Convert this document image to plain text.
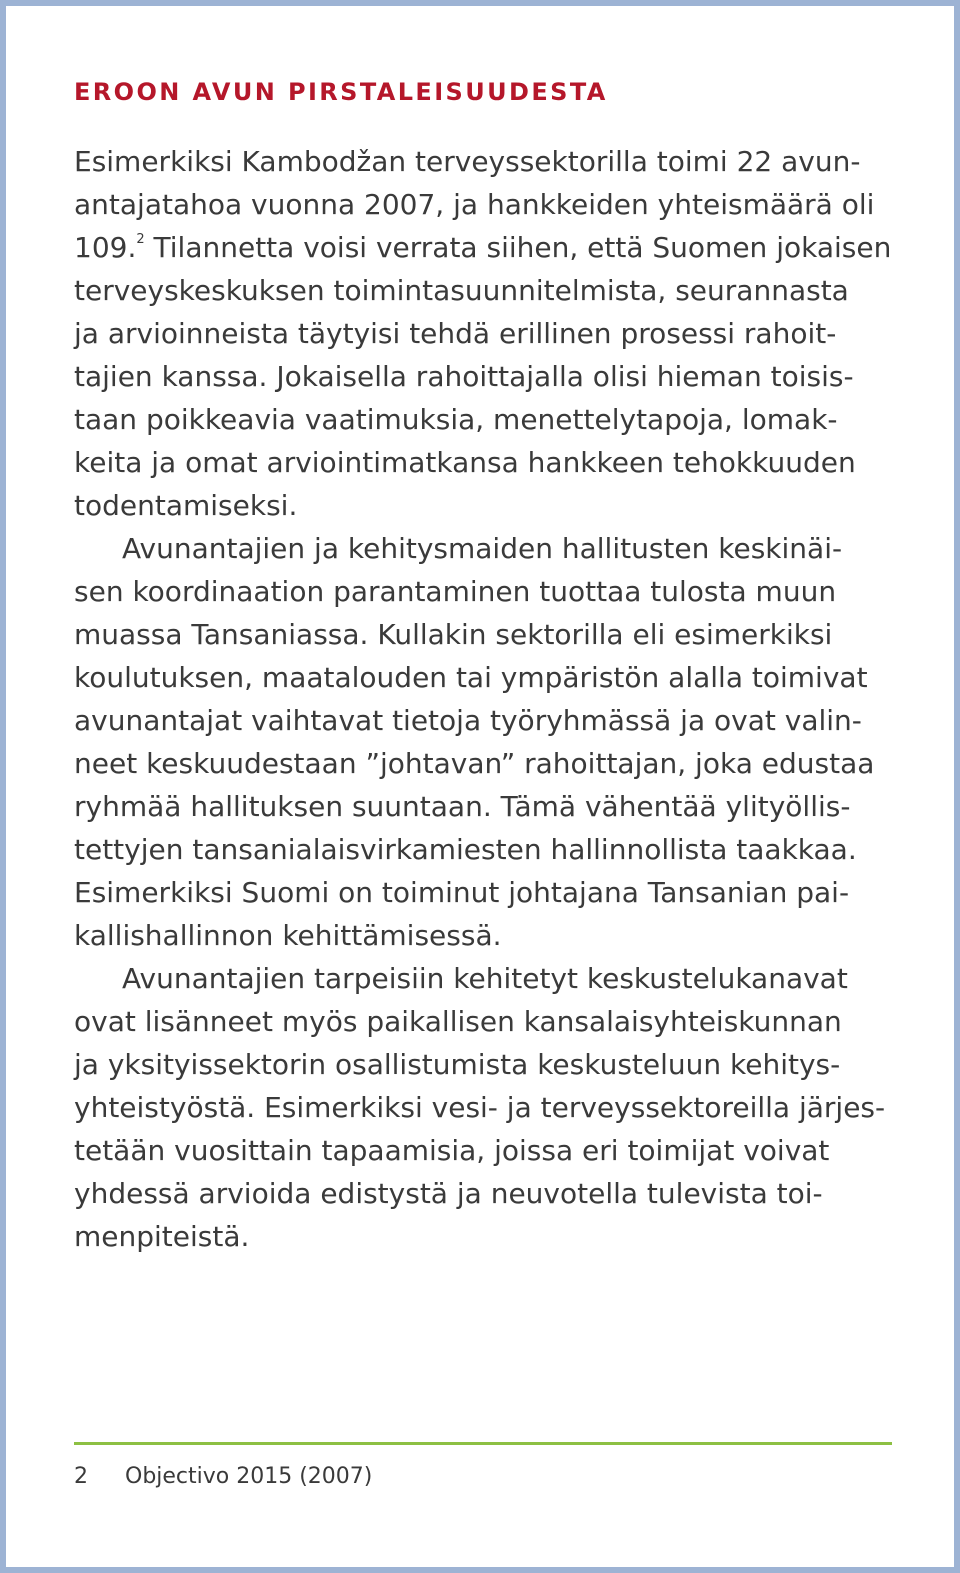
EROON AVUN PIRSTALEISUUDESTA
Esimerkiksi Kambodžan terveyssektorilla toimi 22 avun-
antajatahoa vuonna 2007, ja hankkeiden yhteismäärä oli
109.$^2$ Tilannetta voisi verrata siihen, että Suomen jokaisen
terveyskeskuksen toimintasuunnitelmista, seurannasta
ja arvioinneista täytyisi tehdä erillinen prosessi rahoit-
tajien kanssa. Jokaisella rahoittajalla olisi hieman toisis-
taan poikkeavia vaatimuksia, menettelytapoja, lomak-
keita ja omat arviointimatkansa hankkeen tehokkuuden
todentamiseksi.
Avunantajien ja kehitysmaiden hallitusten keskinäi-
sen koordinaation parantaminen tuottaa tulosta muun
muassa Tansaniassa. Kullakin sektorilla eli esimerkiksi
koulutuksen, maatalouden tai ympäristön alalla toimivat
avunantajat vaihtavat tietoja työryhmässä ja ovat valin-
neet keskuudestaan ”johtavan” rahoittajan, joka edustaa
ryhmää hallituksen suuntaan. Tämä vähentää ylityöllis-
tettyjen tansanialaisvirkamiesten hallinnollista taakkaa.
Esimerkiksi Suomi on toiminut johtajana Tansanian pai-
kallishallinnon kehittämisessä.
Avunantajien tarpeisiin kehitetyt keskustelukanavat
ovat lisänneet myös paikallisen kansalaisyhteiskunnan
ja yksityissektorin osallistumista keskusteluun kehitys-
yhteistyöstä. Esimerkiksi vesi- ja terveyssektoreilla järjes-
tetään vuosittain tapaamisia, joissa eri toimijat voivat
yhdessä arvioida edistystä ja neuvotella tulevista toi-
menpiteistä.
2 Objectivo 2015 (2007)
